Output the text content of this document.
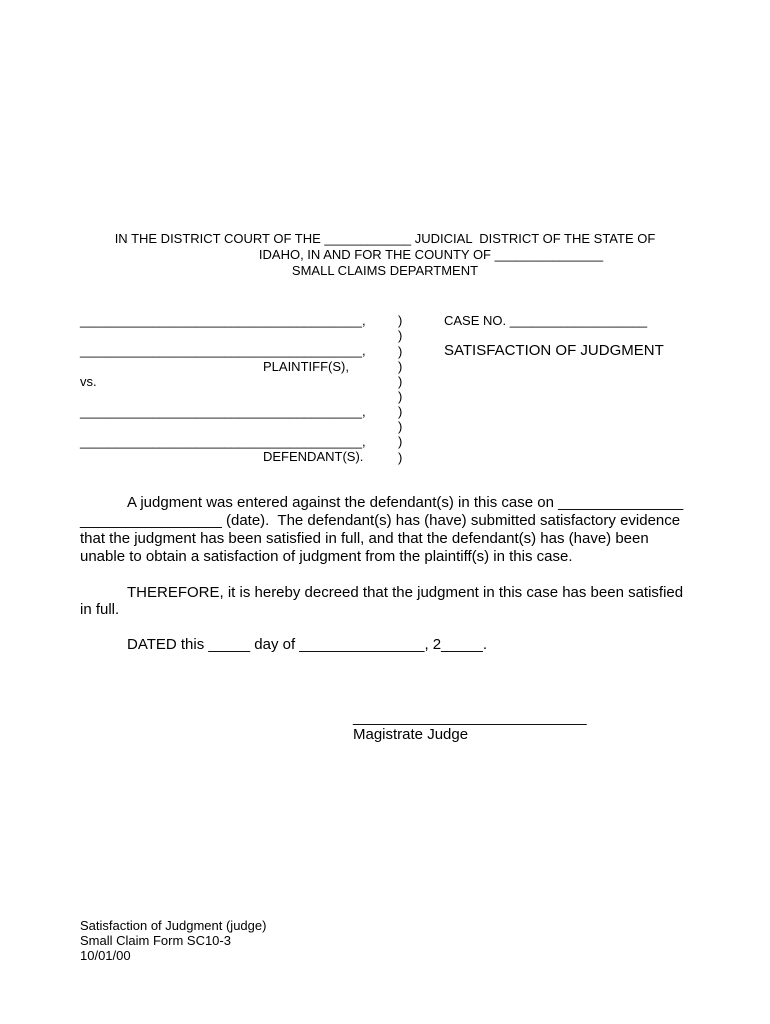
IN THE DISTRICT COURT OF THE ____________ JUDICIAL  DISTRICT OF THE STATE OF
IDAHO, IN AND FOR THE COUNTY OF _______________
SMALL CLAIMS DEPARTMENT
_______________________________________,
_______________________________________,
PLAINTIFF(S),
vs.
_______________________________________,
_______________________________________,
DEFENDANT(S).
)
)
)
)
)
)
)
)
)
)
CASE NO. ___________________
SATISFACTION OF JUDGMENT
A judgment was entered against the defendant(s) in this case on _______________
_________________ (date).  The defendant(s) has (have) submitted satisfactory evidence
that the judgment has been satisfied in full, and that the defendant(s) has (have) been
unable to obtain a satisfaction of judgment from the plaintiff(s) in this case.
THEREFORE, it is hereby decreed that the judgment in this case has been satisfied
in full.
DATED this _____ day of _______________, 2_____.
____________________________
Magistrate Judge
Satisfaction of Judgment (judge)
Small Claim Form SC10-3
10/01/00
